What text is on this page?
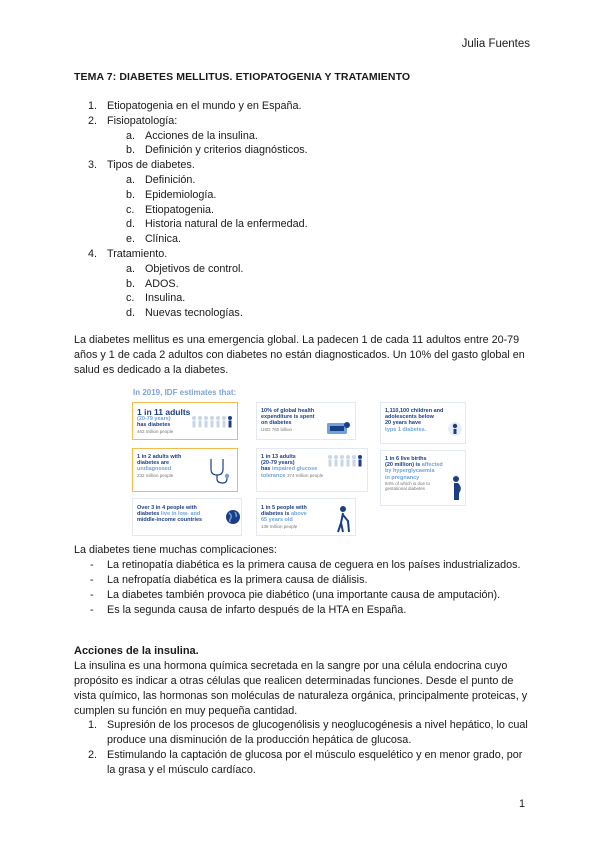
Julia Fuentes
TEMA 7: DIABETES MELLITUS. ETIOPATOGENIA Y TRATAMIENTO
1. Etiopatogenia en el mundo y en España.
2. Fisiopatología:
a. Acciones de la insulina.
b. Definición y criterios diagnósticos.
3. Tipos de diabetes.
a. Definición.
b. Epidemiología.
c. Etiopatogenia.
d. Historia natural de la enfermedad.
e. Clínica.
4. Tratamiento.
a. Objetivos de control.
b. ADOS.
c. Insulina.
d. Nuevas tecnologías.
La diabetes mellitus es una emergencia global. La padecen 1 de cada 11 adultos entre 20-79 años y 1 de cada 2 adultos con diabetes no están diagnosticados. Un 10% del gasto global en salud es dedicado a la diabetes.
In 2019, IDF estimates that:
1 in 11 adults
(20-79 years)
has diabetes
463 million people
1 in 2 adults with
diabetes are
undiagnosed
232 million people
Over 3 in 4 people with
diabetes live in low- and
middle-income countries
10% of global health
expenditure is spent
on diabetes
USD 760 billion
1 in 13 adults
(20-79 years)
has impaired glucose
tolerance 374 million people
1 in 5 people with
diabetes is above
65 years old
136 million people
1,110,100 children and
adolescents below
20 years have
type 1 diabetes.
1 in 6 live births
(20 million) is affected
by hyperglycaemia
in pregnancy
84% of which is due to
gestational diabetes
La diabetes tiene muchas complicaciones:
- La retinopatía diabética es la primera causa de ceguera en los países industrializados.
- La nefropatía diabética es la primera causa de diálisis.
- La diabetes también provoca pie diabético (una importante causa de amputación).
- Es la segunda causa de infarto después de la HTA en España.
Acciones de la insulina.
La insulina es una hormona química secretada en la sangre por una célula endocrina cuyo propósito es indicar a otras células que realicen determinadas funciones. Desde el punto de vista químico, las hormonas son moléculas de naturaleza orgánica, principalmente proteicas, y cumplen su función en muy pequeña cantidad.
1. Supresión de los procesos de glucogenólisis y neoglucogénesis a nivel hepático, lo cual produce una disminución de la producción hepática de glucosa.
2. Estimulando la captación de glucosa por el músculo esquelético y en menor grado, por la grasa y el músculo cardíaco.
1
